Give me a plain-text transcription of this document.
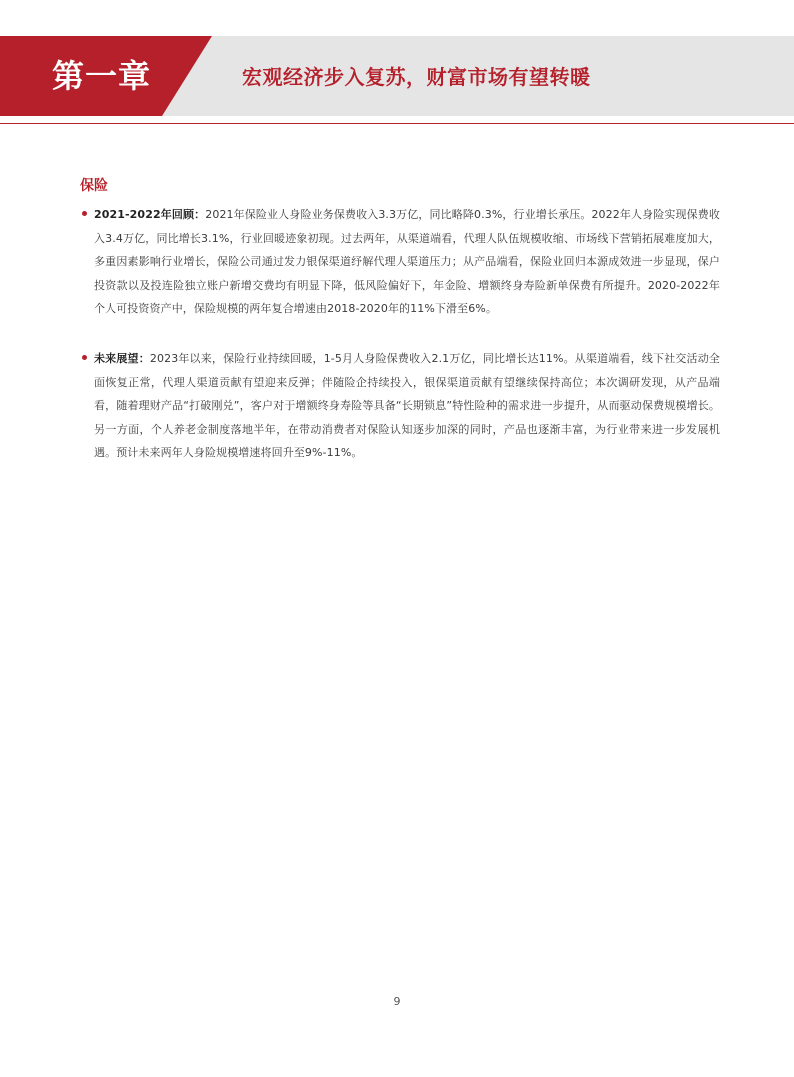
第一章	宏观经济步入复苏，财富市场有望转暖
保险
2021-2022年回顾：2021年保险业人身险业务保费收入3.3万亿，同比略降0.3%，行业增长承压。2022年人身险实现保费收入3.4万亿，同比增长3.1%，行业回暖迹象初现。过去两年，从渠道端看，代理人队伍规模收缩、市场线下营销拓展难度加大，多重因素影响行业增长，保险公司通过发力银保渠道纾解代理人渠道压力；从产品端看，保险业回归本源成效进一步显现，保户投资款以及投连险独立账户新增交费均有明显下降，低风险偏好下，年金险、增额终身寿险新单保费有所提升。2020-2022年个人可投资资产中，保险规模的两年复合增速由2018-2020年的11%下滑至6%。
未来展望：2023年以来，保险行业持续回暖，1-5月人身险保费收入2.1万亿，同比增长达11%。从渠道端看，线下社交活动全面恢复正常，代理人渠道贡献有望迎来反弹；伴随险企持续投入，银保渠道贡献有望继续保持高位；本次调研发现，从产品端看，随着理财产品“打破刚兑”，客户对于增额终身寿险等具备“长期锁息”特性险种的需求进一步提升，从而驱动保费规模增长。另一方面，个人养老金制度落地半年，在带动消费者对保险认知逐步加深的同时，产品也逐渐丰富，为行业带来进一步发展机遇。预计未来两年人身险规模增速将回升至9%-11%。
9
